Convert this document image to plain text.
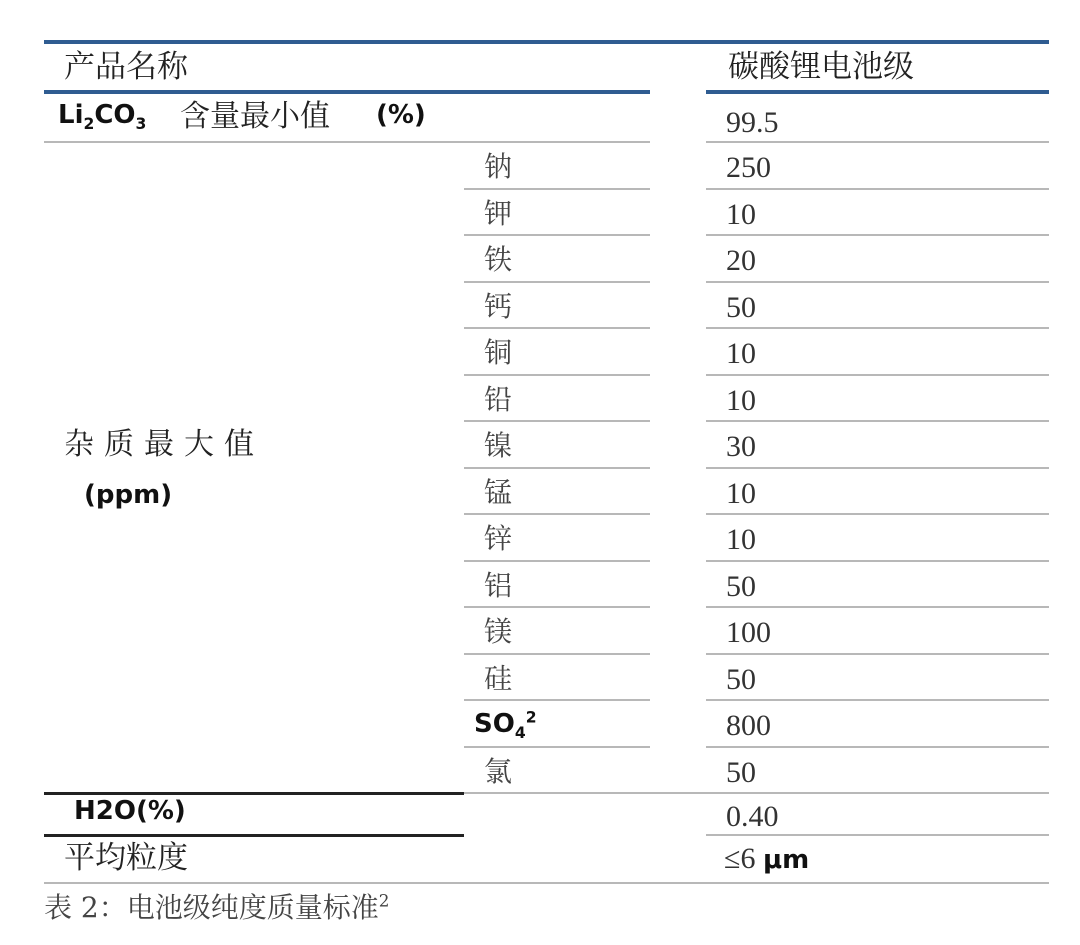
产品名称	碳酸锂电池级
$Li_2CO_3$ 含量最小值 (%)	99.5
杂质最大值
(ppm)
钠	250
钾	10
铁	20
钙	50
铜	10
铅	10
镍	30
锰	10
锌	10
铝	50
镁	100
硅	50
$SO_4^2$	800
氯	50
H2O(%)	0.40
平均粒度	≤6 μm
表 2：电池级纯度质量标准$^2$
